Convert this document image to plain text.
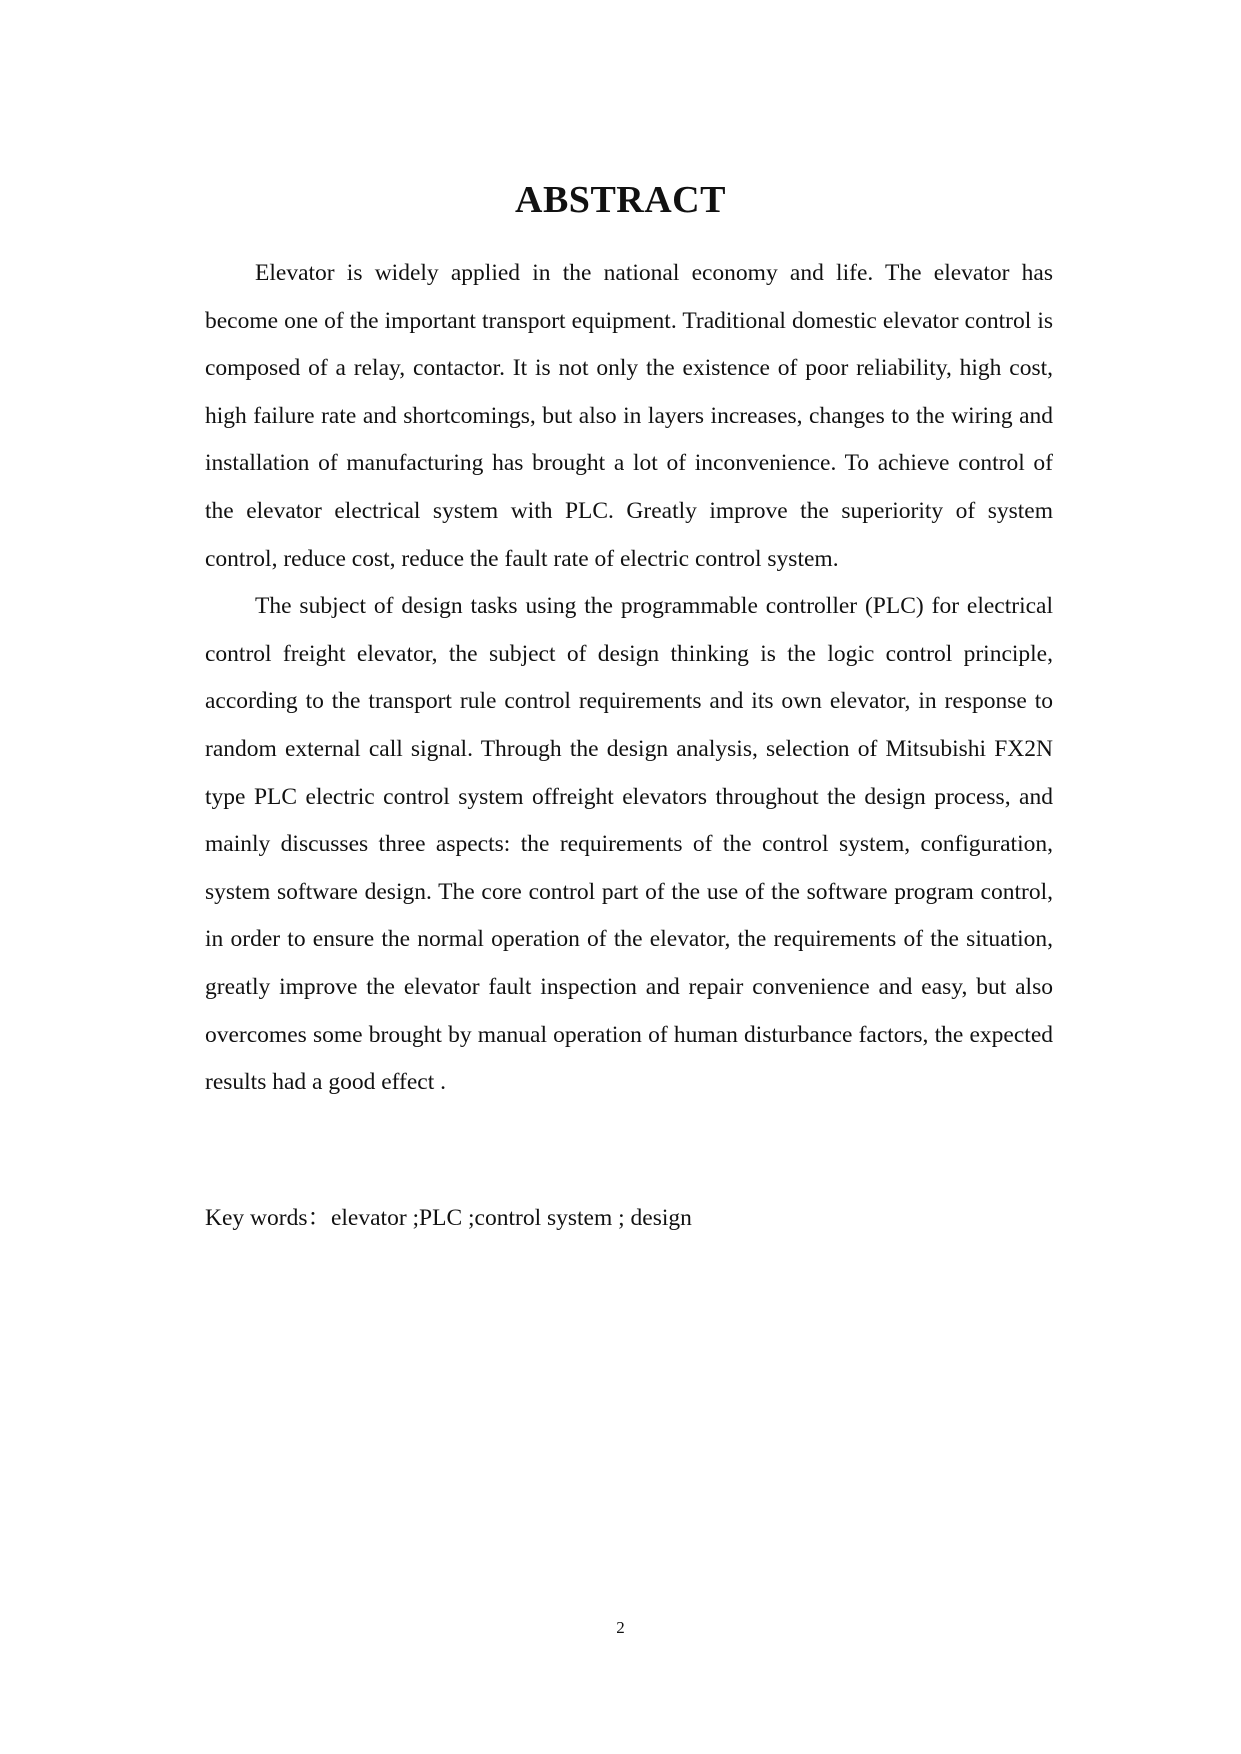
ABSTRACT

Elevator is widely applied in the national economy and life. The elevator has become one of the important transport equipment. Traditional domestic elevator control is composed of a relay, contactor. It is not only the existence of poor reliability, high cost, high failure rate and shortcomings, but also in layers increases, changes to the wiring and installation of manufacturing has brought a lot of inconvenience. To achieve control of the elevator electrical system with PLC. Greatly improve the superiority of system control, reduce cost, reduce the fault rate of electric control system.

The subject of design tasks using the programmable controller (PLC) for electrical control freight elevator, the subject of design thinking is the logic control principle, according to the transport rule control requirements and its own elevator, in response to random external call signal. Through the design analysis, selection of Mitsubishi FX2N type PLC electric control system offreight elevators throughout the design process, and mainly discusses three aspects: the requirements of the control system, configuration, system software design. The core control part of the use of the software program control, in order to ensure the normal operation of the elevator, the requirements of the situation, greatly improve the elevator fault inspection and repair convenience and easy, but also overcomes some brought by manual operation of human disturbance factors, the expected results had a good effect .

Key words：elevator ;PLC ;control system ; design
2
